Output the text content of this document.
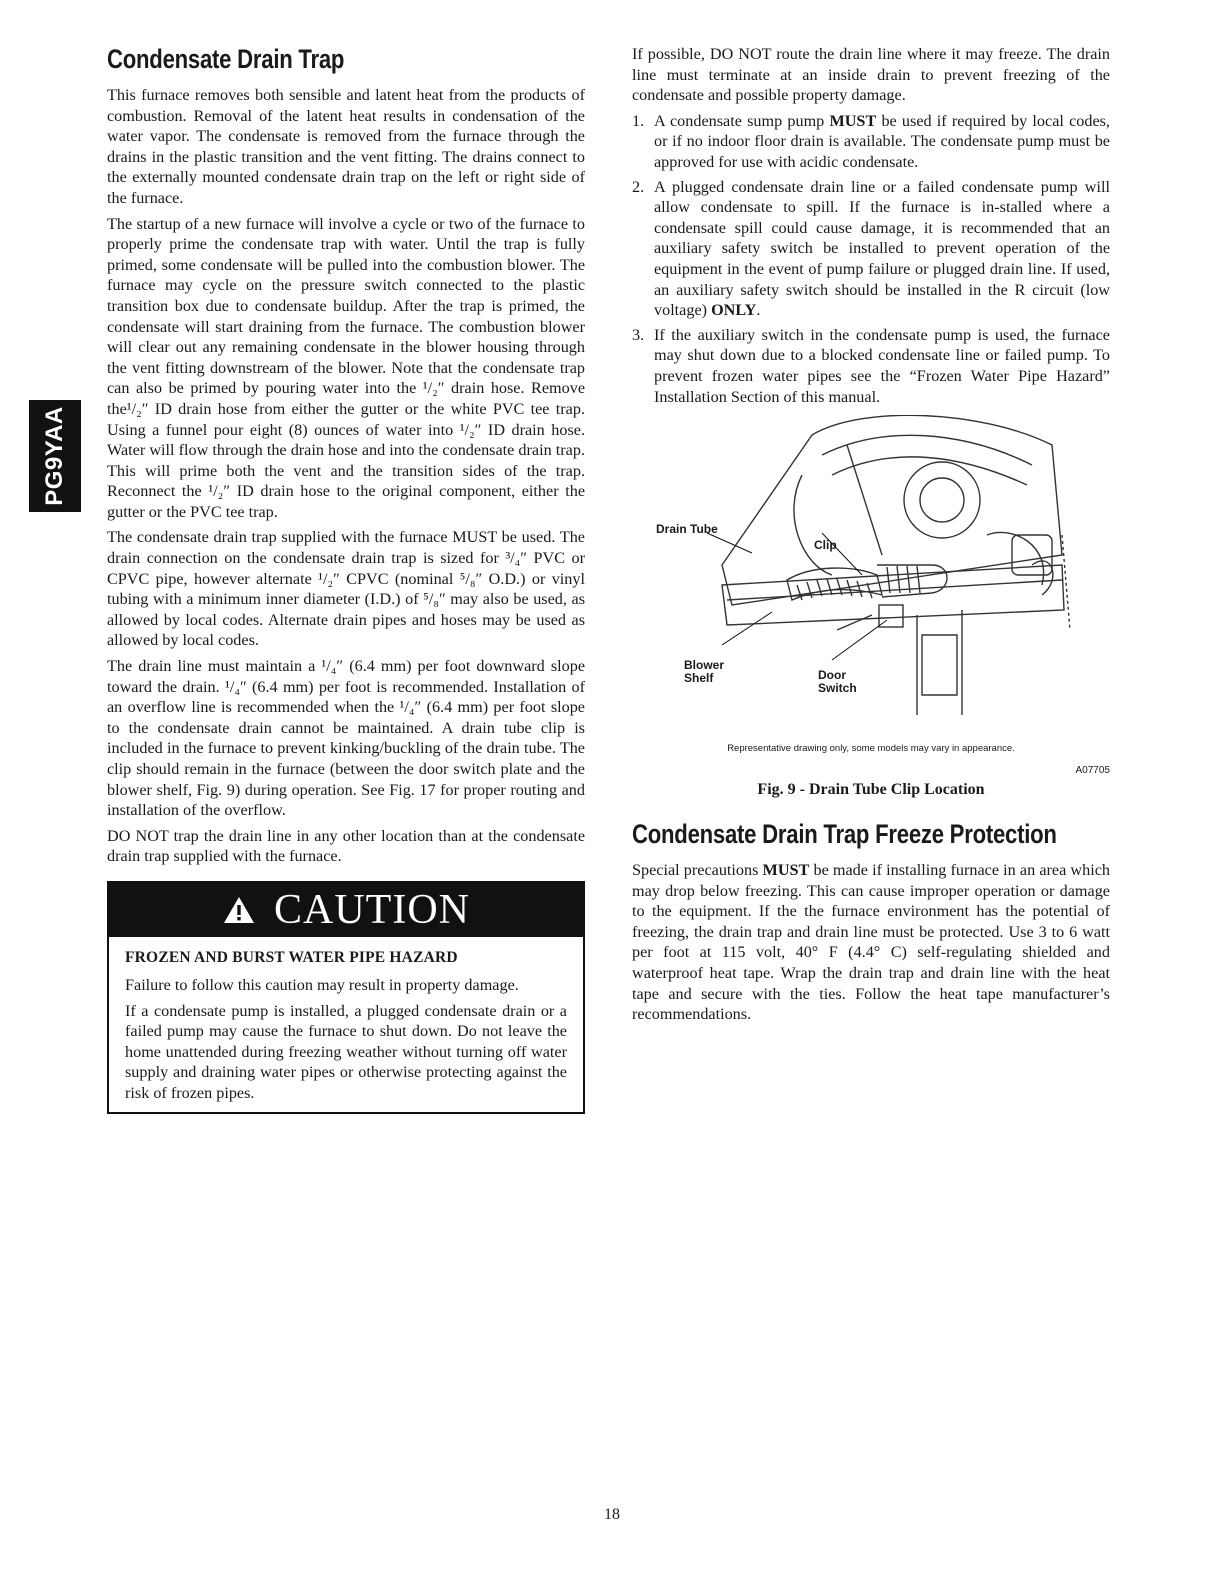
PG9YAA
Condensate Drain Trap

This furnace removes both sensible and latent heat from the products of combustion. Removal of the latent heat results in condensation of the water vapor. The condensate is removed from the furnace through the drains in the plastic transition and the vent fitting. The drains connect to the externally mounted condensate drain trap on the left or right side of the furnace.

The startup of a new furnace will involve a cycle or two of the furnace to properly prime the condensate trap with water. Until the trap is fully primed, some condensate will be pulled into the combustion blower. The furnace may cycle on the pressure switch connected to the plastic transition box due to condensate buildup. After the trap is primed, the condensate will start draining from the furnace. The combustion blower will clear out any remaining condensate in the blower housing through the vent fitting downstream of the blower. Note that the condensate trap can also be primed by pouring water into the ¹/₂″ drain hose. Remove the¹/₂″ ID drain hose from either the gutter or the white PVC tee trap. Using a funnel pour eight (8) ounces of water into ¹/₂″ ID drain hose. Water will flow through the drain hose and into the condensate drain trap. This will prime both the vent and the transition sides of the trap. Reconnect the ¹/₂″ ID drain hose to the original component, either the gutter or the PVC tee trap.

The condensate drain trap supplied with the furnace MUST be used. The drain connection on the condensate drain trap is sized for ³/₄″ PVC or CPVC pipe, however alternate ¹/₂″ CPVC (nominal ⁵/₈″ O.D.) or vinyl tubing with a minimum inner diameter (I.D.) of ⁵/₈″ may also be used, as allowed by local codes. Alternate drain pipes and hoses may be used as allowed by local codes.

The drain line must maintain a ¹/₄″ (6.4 mm) per foot downward slope toward the drain. ¹/₄″ (6.4 mm) per foot is recommended. Installation of an overflow line is recommended when the ¹/₄″ (6.4 mm) per foot slope to the condensate drain cannot be maintained. A drain tube clip is included in the furnace to prevent kinking/buckling of the drain tube. The clip should remain in the furnace (between the door switch plate and the blower shelf, Fig. 9) during operation. See Fig. 17 for proper routing and installation of the overflow.

DO NOT trap the drain line in any other location than at the condensate drain trap supplied with the furnace.

CAUTION
FROZEN AND BURST WATER PIPE HAZARD

Failure to follow this caution may result in property damage.

If a condensate pump is installed, a plugged condensate drain or a failed pump may cause the furnace to shut down. Do not leave the home unattended during freezing weather without turning off water supply and draining water pipes or otherwise protecting against the risk of frozen pipes.

If possible, DO NOT route the drain line where it may freeze. The drain line must terminate at an inside drain to prevent freezing of the condensate and possible property damage.

1. A condensate sump pump MUST be used if required by local codes, or if no indoor floor drain is available. The condensate pump must be approved for use with acidic condensate.

2. A plugged condensate drain line or a failed condensate pump will allow condensate to spill. If the furnace is in-stalled where a condensate spill could cause damage, it is recommended that an auxiliary safety switch be installed to prevent operation of the equipment in the event of pump failure or plugged drain line. If used, an auxiliary safety switch should be installed in the R circuit (low voltage) ONLY.

3. If the auxiliary switch in the condensate pump is used, the furnace may shut down due to a blocked condensate line or failed pump. To prevent frozen water pipes see the “Frozen Water Pipe Hazard” Installation Section of this manual.

Drain Tube
Clip
Blower Shelf	Door Switch
Representative drawing only, some models may vary in appearance.
A07705
Fig. 9 - Drain Tube Clip Location
Condensate Drain Trap Freeze Protection

Special precautions MUST be made if installing furnace in an area which may drop below freezing. This can cause improper operation or damage to the equipment. If the the furnace environment has the potential of freezing, the drain trap and drain line must be protected. Use 3 to 6 watt per foot at 115 volt, 40° F (4.4° C) self-regulating shielded and waterproof heat tape. Wrap the drain trap and drain line with the heat tape and secure with the ties. Follow the heat tape manufacturer’s recommendations.

18
